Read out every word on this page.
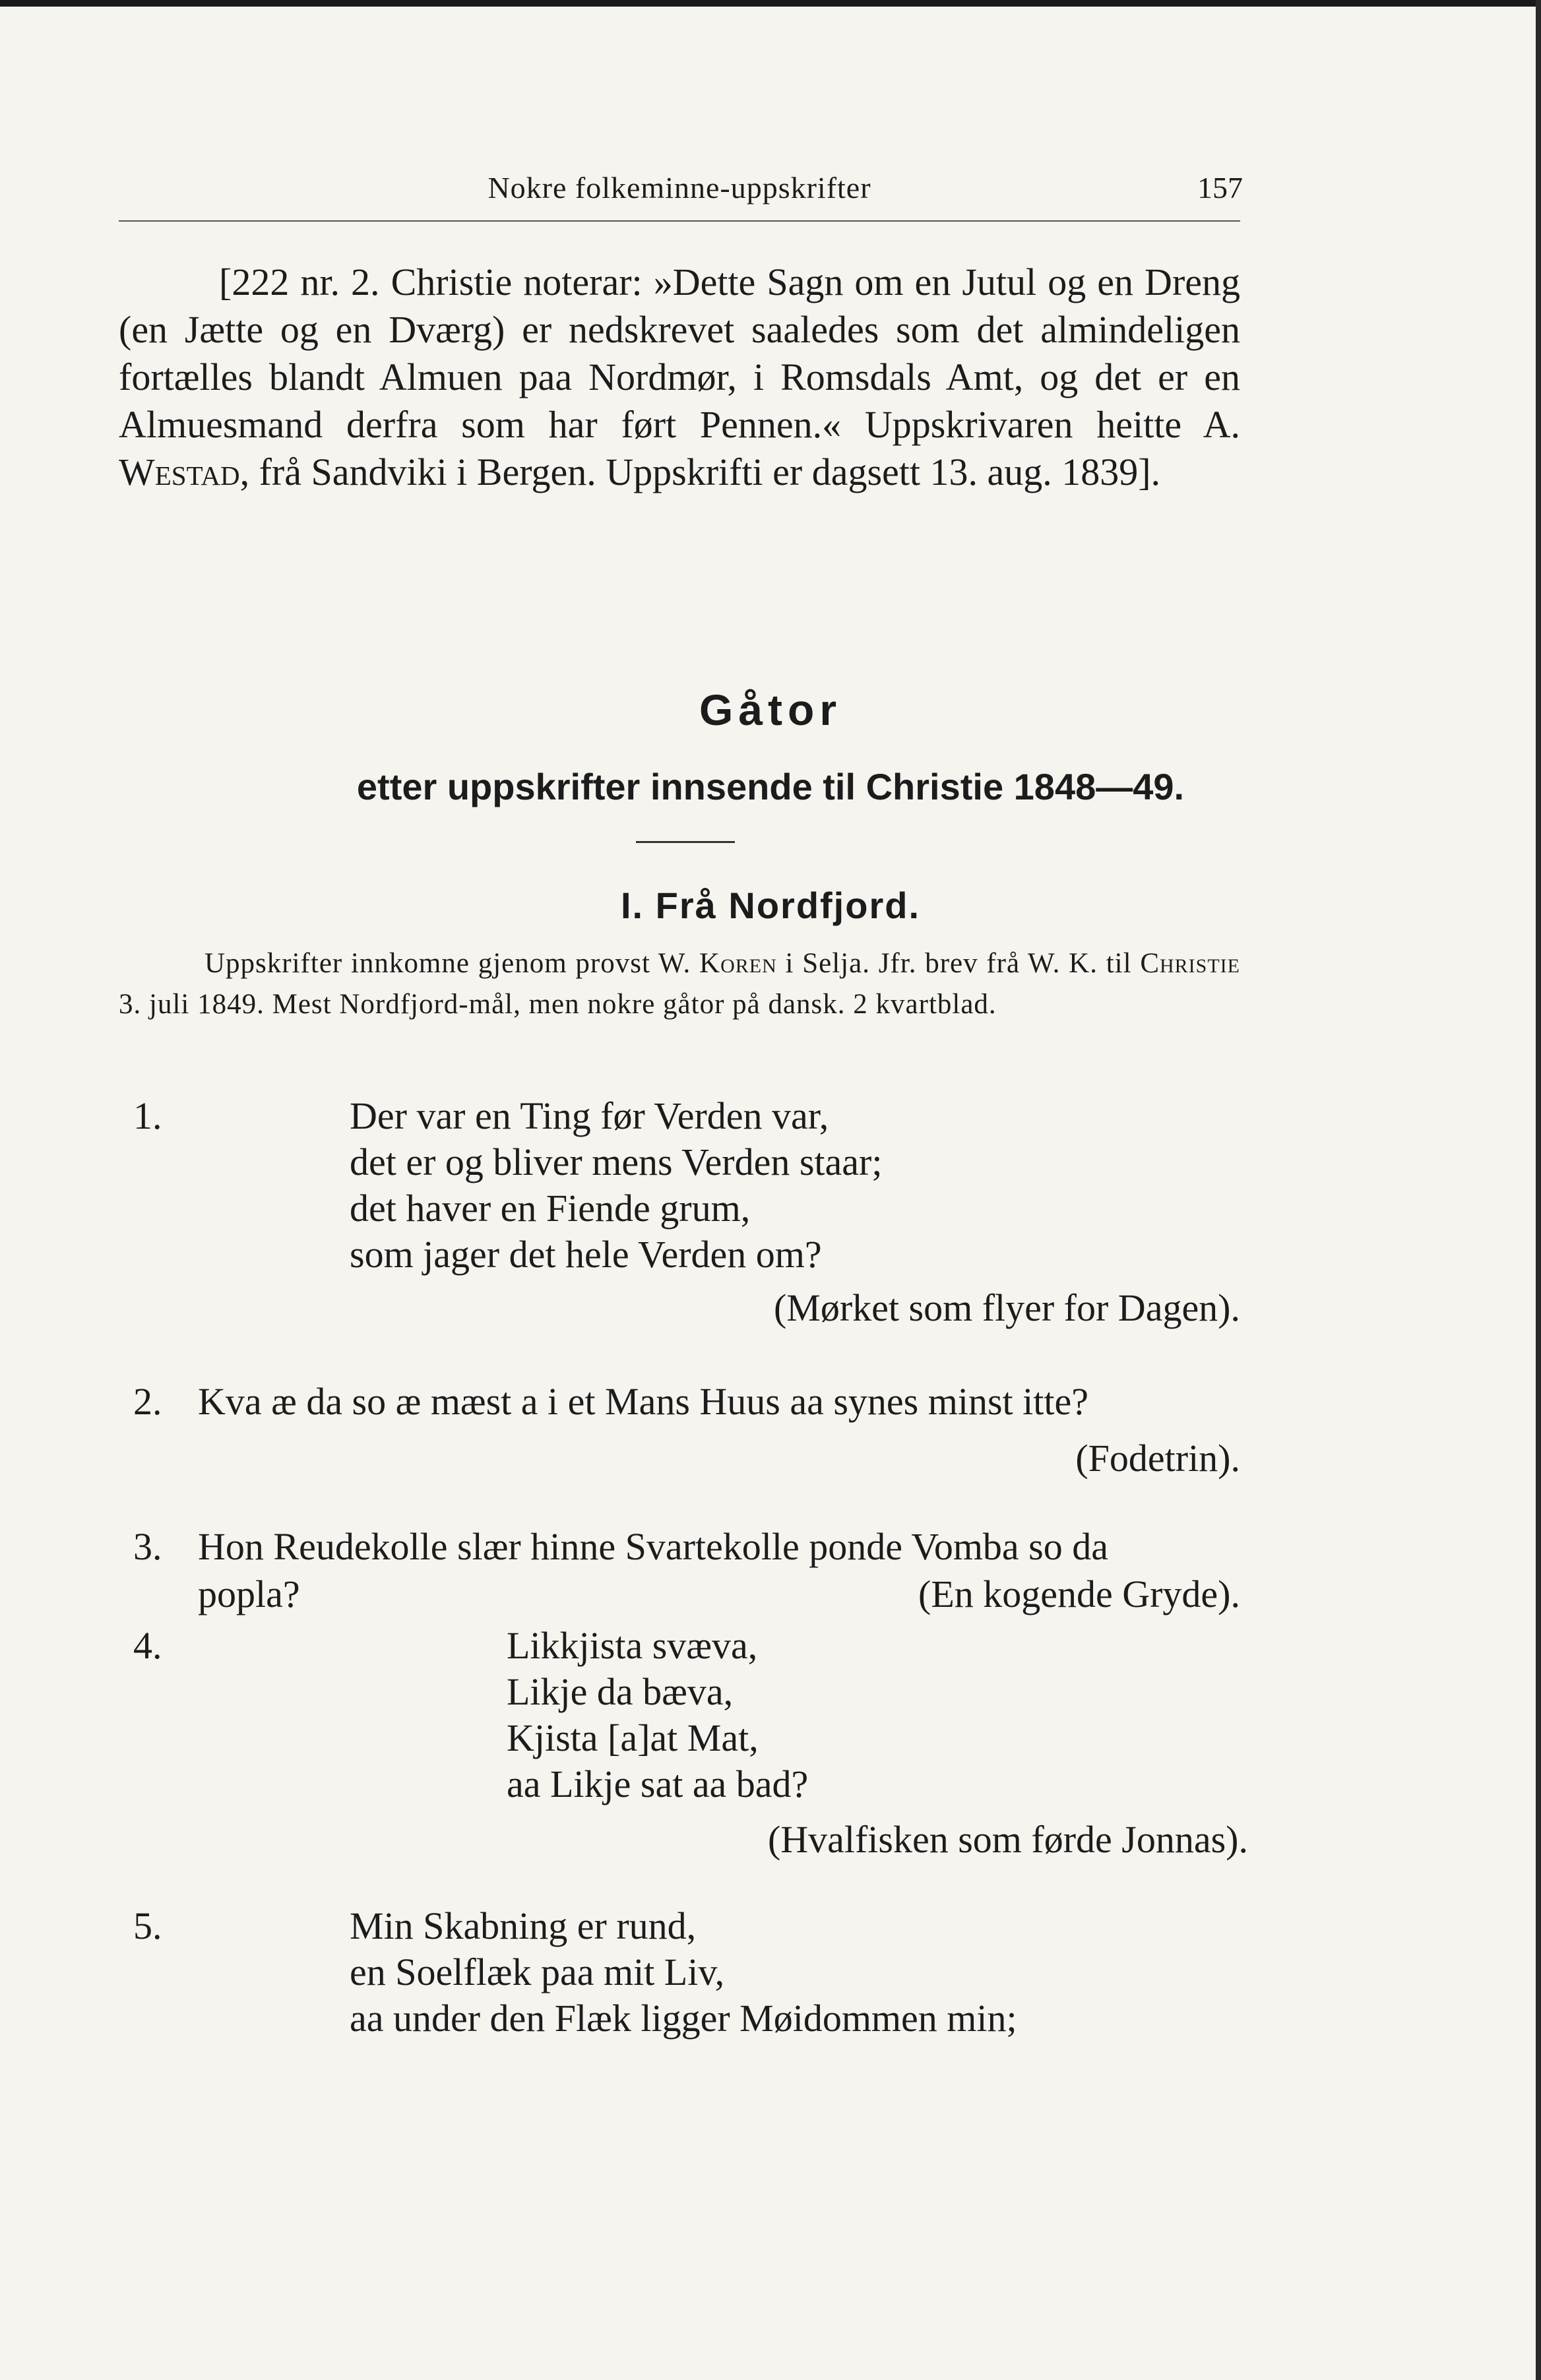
Nokre folkeminne-uppskrifter	157
[222 nr. 2. Christie noterar: »Dette Sagn om en Jutul og en Dreng (en Jætte og en Dværg) er nedskrevet saaledes som det almindeligen fortælles blandt Almuen paa Nordmør, i Romsdals Amt, og det er en Almuesmand derfra som har ført Pennen.« Uppskrivaren heitte A. Westad, frå Sandviki i Bergen. Uppskrifti er dagsett 13. aug. 1839].
Gåtor
etter uppskrifter innsende til Christie 1848—49.
I. Frå Nordfjord.
Uppskrifter innkomne gjenom provst W. Koren i Selja. Jfr. brev frå W. K. til Christie 3. juli 1849. Mest Nordfjord-mål, men nokre gåtor på dansk. 2 kvartblad.
1.	Der var en Ting før Verden var,
det er og bliver mens Verden staar;
det haver en Fiende grum,
som jager det hele Verden om?
(Mørket som flyer for Dagen).
2. Kva æ da so æ mæst a i et Mans Huus aa synes minst itte?
(Fodetrin).
3. Hon Reudekolle slær hinne Svartekolle ponde Vomba so da
popla?	(En kogende Gryde).
4.	Likkjista svæva,
Likje da bæva,
Kjista [a]at Mat,
aa Likje sat aa bad?
(Hvalfisken som førde Jonnas).
5.	Min Skabning er rund,
en Soelflæk paa mit Liv,
aa under den Flæk ligger Møidommen min;
